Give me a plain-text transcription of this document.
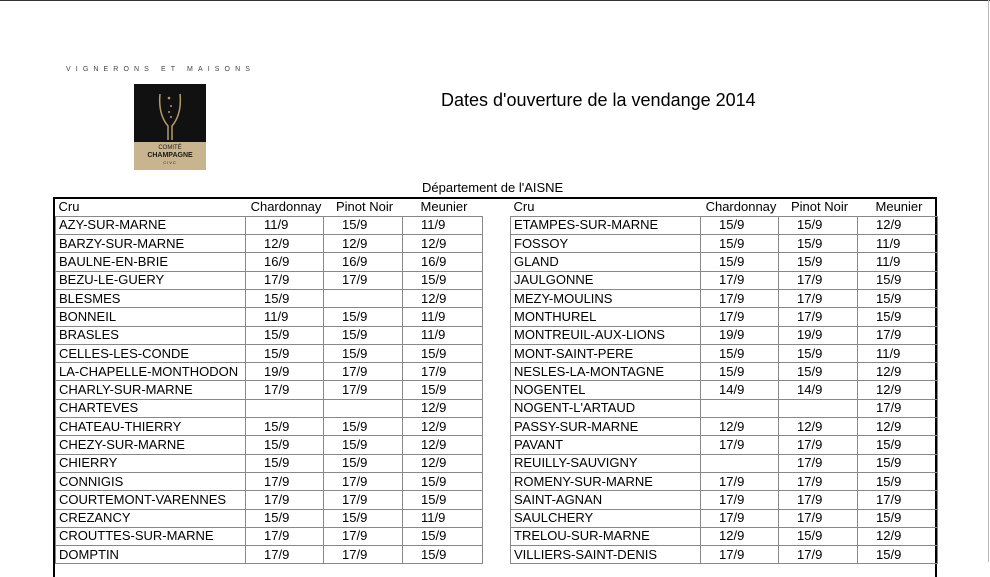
VIGNERONS ET MAISONS
COMITÉ
CHAMPAGNE
CIVC
Dates d'ouverture de la vendange 2014
Département de l'AISNE
Cru	Chardonnay	Pinot Noir	Meunier
AZY-SUR-MARNE	11/9	15/9	11/9
BARZY-SUR-MARNE	12/9	12/9	12/9
BAULNE-EN-BRIE	16/9	16/9	16/9
BEZU-LE-GUERY	17/9	17/9	15/9
BLESMES	15/9		12/9
BONNEIL	11/9	15/9	11/9
BRASLES	15/9	15/9	11/9
CELLES-LES-CONDE	15/9	15/9	15/9
LA-CHAPELLE-MONTHODON	19/9	17/9	17/9
CHARLY-SUR-MARNE	17/9	17/9	15/9
CHARTEVES			12/9
CHATEAU-THIERRY	15/9	15/9	12/9
CHEZY-SUR-MARNE	15/9	15/9	12/9
CHIERRY	15/9	15/9	12/9
CONNIGIS	17/9	17/9	15/9
COURTEMONT-VARENNES	17/9	17/9	15/9
CREZANCY	15/9	15/9	11/9
CROUTTES-SUR-MARNE	17/9	17/9	15/9
DOMPTIN	17/9	17/9	15/9
Cru	Chardonnay	Pinot Noir	Meunier
ETAMPES-SUR-MARNE	15/9	15/9	12/9
FOSSOY	15/9	15/9	11/9
GLAND	15/9	15/9	11/9
JAULGONNE	17/9	17/9	15/9
MEZY-MOULINS	17/9	17/9	15/9
MONTHUREL	17/9	17/9	15/9
MONTREUIL-AUX-LIONS	19/9	19/9	17/9
MONT-SAINT-PERE	15/9	15/9	11/9
NESLES-LA-MONTAGNE	15/9	15/9	12/9
NOGENTEL	14/9	14/9	12/9
NOGENT-L'ARTAUD			17/9
PASSY-SUR-MARNE	12/9	12/9	12/9
PAVANT	17/9	17/9	15/9
REUILLY-SAUVIGNY		17/9	15/9
ROMENY-SUR-MARNE	17/9	17/9	15/9
SAINT-AGNAN	17/9	17/9	17/9
SAULCHERY	17/9	17/9	15/9
TRELOU-SUR-MARNE	12/9	15/9	12/9
VILLIERS-SAINT-DENIS	17/9	17/9	15/9
